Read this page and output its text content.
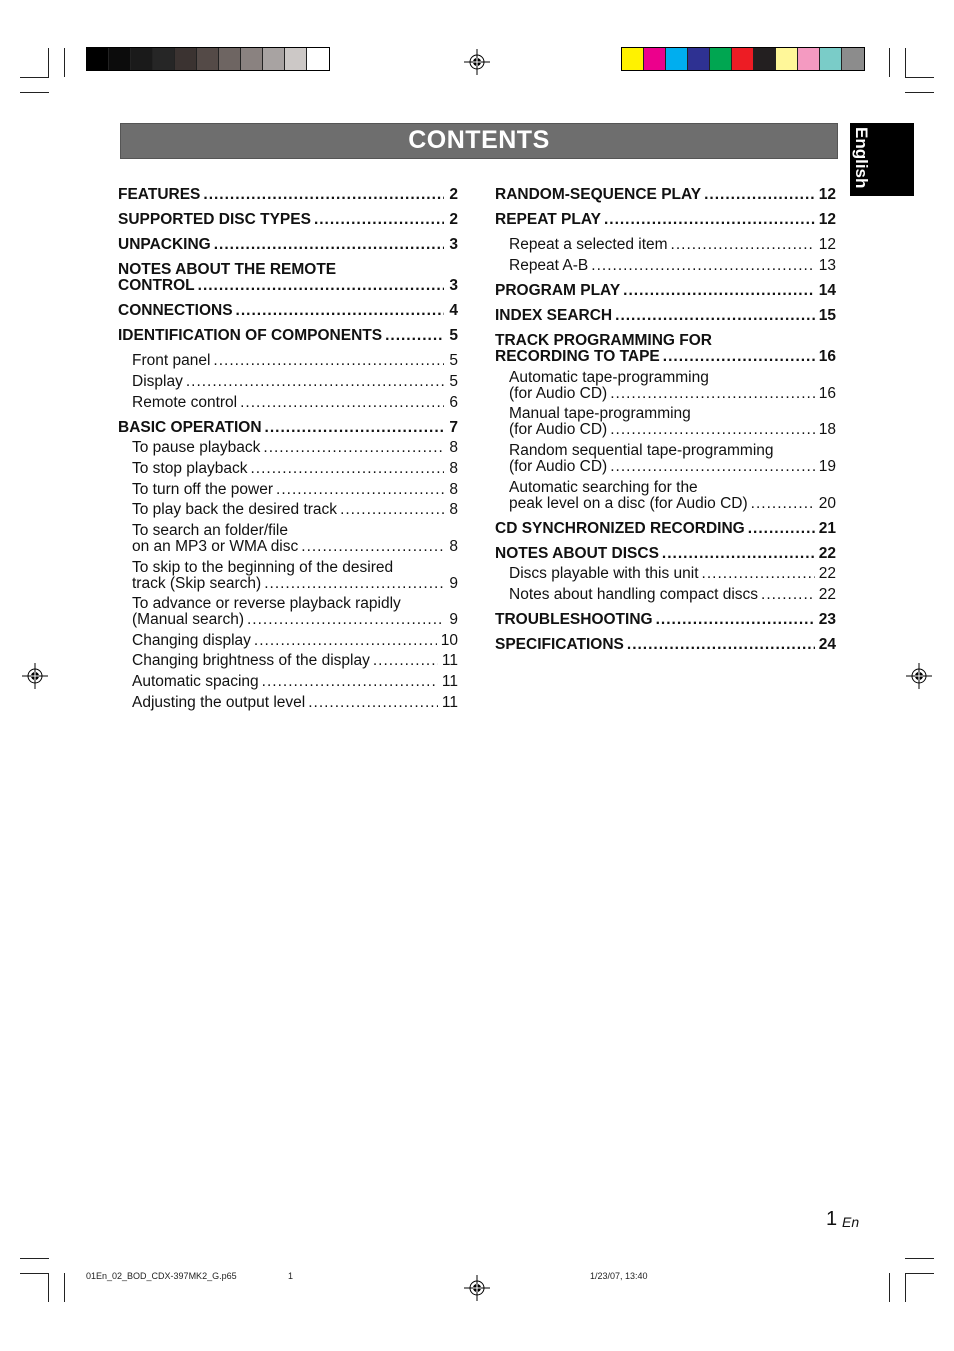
CONTENTS	English
FEATURES .....	2
SUPPORTED DISC TYPES .....	2
UNPACKING .....	3
NOTES ABOUT THE REMOTE
CONTROL .....	3
CONNECTIONS .....	4
IDENTIFICATION OF COMPONENTS .....	5
Front panel .....	5
Display .....	5
Remote control .....	6
BASIC OPERATION .....	7
To pause playback .....	8
To stop playback .....	8
To turn off the power .....	8
To play back the desired track .....	8
To search an folder/file
on an MP3 or WMA disc .....	8
To skip to the beginning of the desired
track (Skip search) .....	9
To advance or reverse playback rapidly
(Manual search) .....	9
Changing display .....	10
Changing brightness of the display .....	11
Automatic spacing .....	11
Adjusting the output level .....	11
RANDOM-SEQUENCE PLAY .....	12
REPEAT PLAY .....	12
Repeat a selected item .....	12
Repeat A-B .....	13
PROGRAM PLAY .....	14
INDEX SEARCH .....	15
TRACK PROGRAMMING FOR
RECORDING TO TAPE .....	16
Automatic tape-programming
(for Audio CD) .....	16
Manual tape-programming
(for Audio CD) .....	18
Random sequential tape-programming
(for Audio CD) .....	19
Automatic searching for the
peak level on a disc (for Audio CD) .....	20
CD SYNCHRONIZED RECORDING .....	21
NOTES ABOUT DISCS .....	22
Discs playable with this unit .....	22
Notes about handling compact discs .....	22
TROUBLESHOOTING .....	23
SPECIFICATIONS .....	24
1 En
01En_02_BOD_CDX-397MK2_G.p65	1	1/23/07, 13:40
